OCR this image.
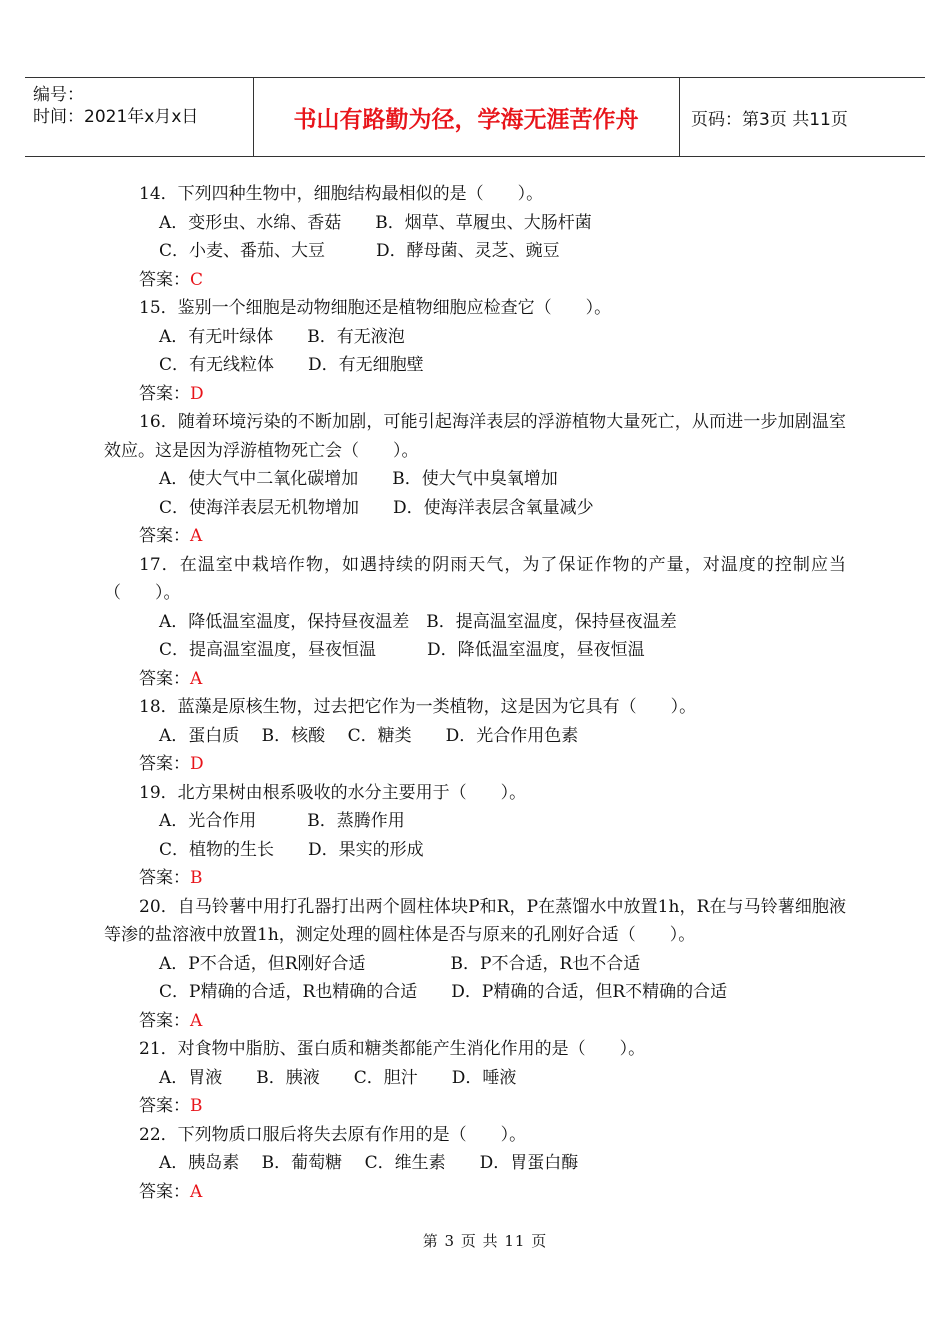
编号：
时间：2021年x月x日	书山有路勤为径，学海无涯苦作舟	页码：第3页 共11页
14．下列四种生物中，细胞结构最相似的是（　　）。
A．变形虫、水绵、香菇　　B．烟草、草履虫、大肠杆菌
C．小麦、番茄、大豆　　　D．酵母菌、灵芝、豌豆
答案：C
15．鉴别一个细胞是动物细胞还是植物细胞应检查它（　　）。
A．有无叶绿体　　B．有无液泡
C．有无线粒体　　D．有无细胞壁
答案：D
16．随着环境污染的不断加剧，可能引起海洋表层的浮游植物大量死亡，从而进一步加剧温室效应。这是因为浮游植物死亡会（　　）。
A．使大气中二氧化碳增加　　B．使大气中臭氧增加
C．使海洋表层无机物增加　　D．使海洋表层含氧量减少
答案：A
17．在温室中栽培作物，如遇持续的阴雨天气，为了保证作物的产量，对温度的控制应当（　　）。
A．降低温室温度，保持昼夜温差　B．提高温室温度，保持昼夜温差
C．提高温室温度，昼夜恒温　　　D．降低温室温度，昼夜恒温
答案：A
18．蓝藻是原核生物，过去把它作为一类植物，这是因为它具有（　　）。
A．蛋白质　 B．核酸　 C．糖类　　D．光合作用色素
答案：D
19．北方果树由根系吸收的水分主要用于（　　）。
A．光合作用　　　B．蒸腾作用
C．植物的生长　　D．果实的形成
答案：B
20．自马铃薯中用打孔器打出两个圆柱体块P和R，P在蒸馏水中放置1h，R在与马铃薯细胞液等渗的盐溶液中放置1h，测定处理的圆柱体是否与原来的孔刚好合适（　　）。
A．P不合适，但R刚好合适　　　　　B．P不合适，R也不合适
C．P精确的合适，R也精确的合适　　D．P精确的合适，但R不精确的合适
答案：A
21．对食物中脂肪、蛋白质和糖类都能产生消化作用的是（　　）。
A．胃液　　B．胰液　　C．胆汁　　D．唾液
答案：B
22．下列物质口服后将失去原有作用的是（　　）。
A．胰岛素　 B．葡萄糖　 C．维生素　　D．胃蛋白酶
答案：A
第 3 页 共 11 页
